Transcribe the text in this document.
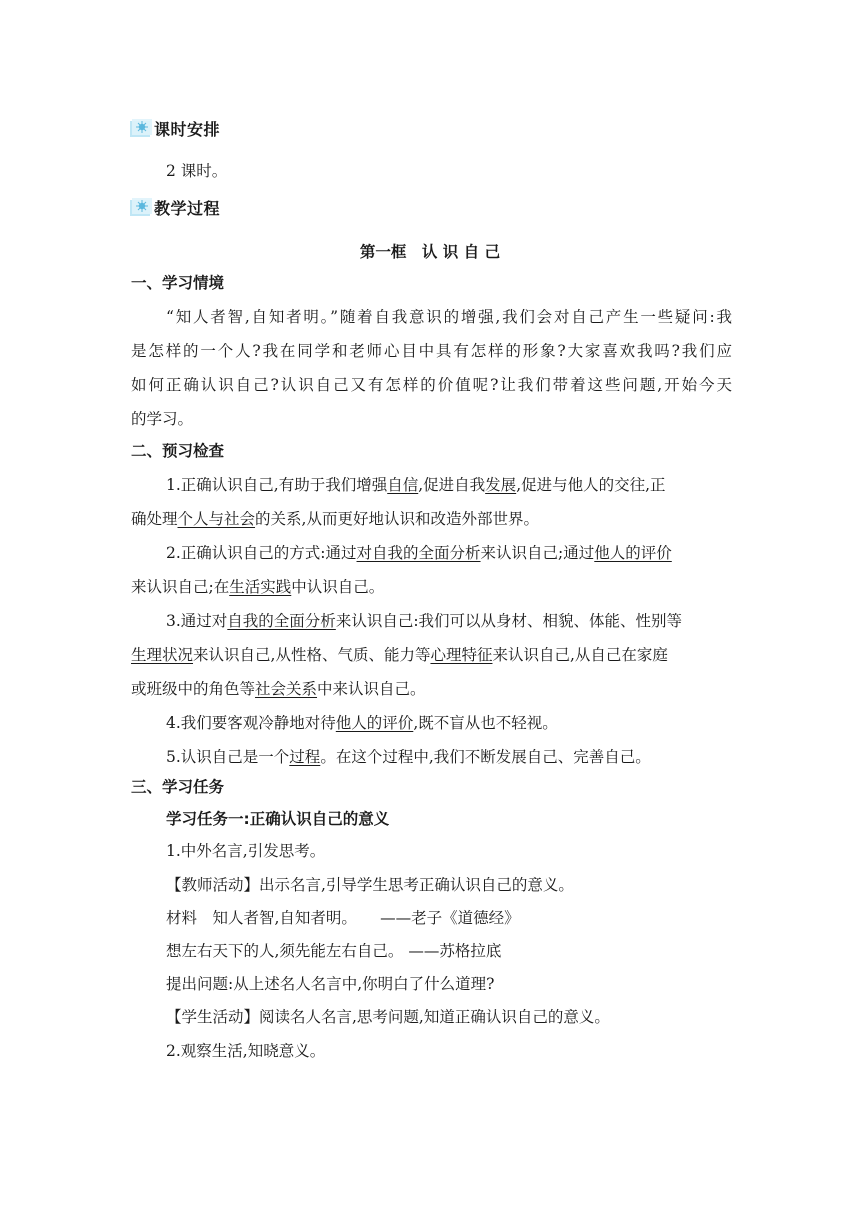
课时安排
2 课时。
教学过程
第一框　认 识 自 己
一、学习情境
“知人者智,自知者明。”随着自我意识的增强,我们会对自己产生一些疑问:我
是怎样的一个人?我在同学和老师心目中具有怎样的形象?大家喜欢我吗?我们应
如何正确认识自己?认识自己又有怎样的价值呢?让我们带着这些问题,开始今天
的学习。
二、预习检查
1.正确认识自己,有助于我们增强自信,促进自我发展,促进与他人的交往,正
确处理个人与社会的关系,从而更好地认识和改造外部世界。
2.正确认识自己的方式:通过对自我的全面分析来认识自己;通过他人的评价
来认识自己;在生活实践中认识自己。
3.通过对自我的全面分析来认识自己:我们可以从身材、相貌、体能、性别等
生理状况来认识自己,从性格、气质、能力等心理特征来认识自己,从自己在家庭
或班级中的角色等社会关系中来认识自己。
4.我们要客观冷静地对待他人的评价,既不盲从也不轻视。
5.认识自己是一个过程。在这个过程中,我们不断发展自己、完善自己。
三、学习任务
学习任务一:正确认识自己的意义
1.中外名言,引发思考。
【教师活动】出示名言,引导学生思考正确认识自己的意义。
材料　知人者智,自知者明。　　——老子《道德经》
想左右天下的人,须先能左右自己。 ——苏格拉底
提出问题:从上述名人名言中,你明白了什么道理?
【学生活动】阅读名人名言,思考问题,知道正确认识自己的意义。
2.观察生活,知晓意义。
